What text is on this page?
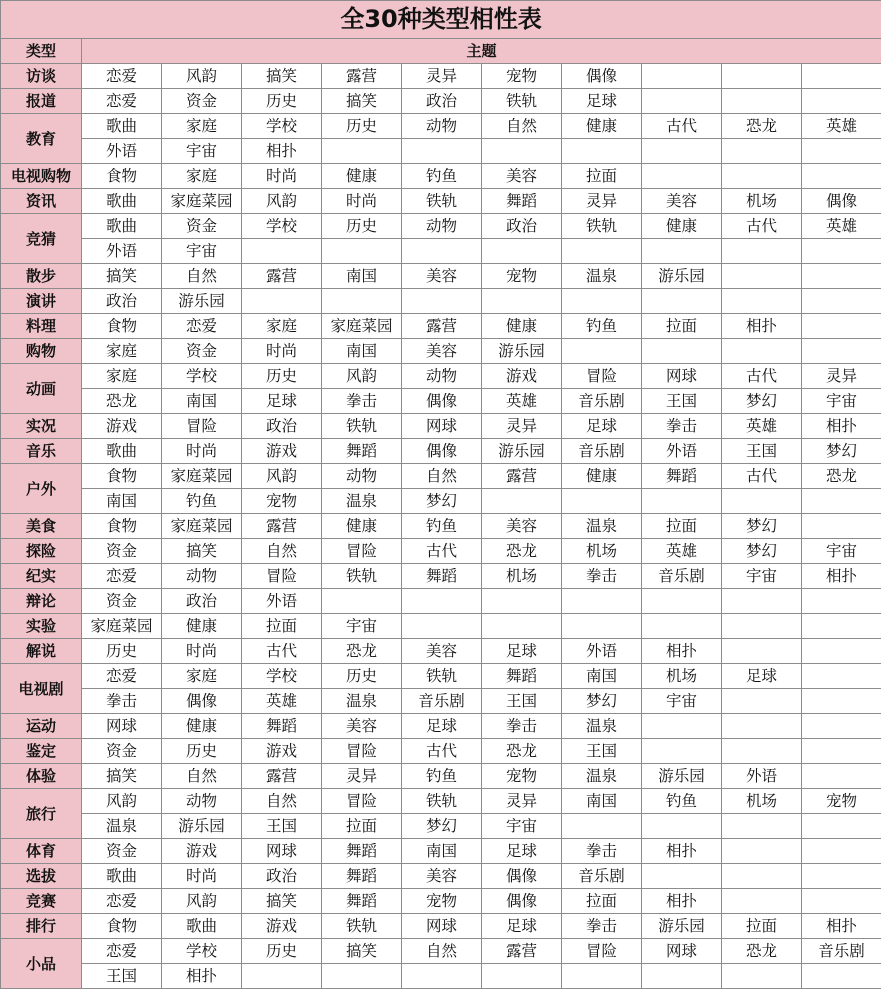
全30种类型相性表										
类型	主题									
访谈	恋爱	风韵	搞笑	露营	灵异	宠物	偶像			
报道	恋爱	资金	历史	搞笑	政治	铁轨	足球			
教育	歌曲	家庭	学校	历史	动物	自然	健康	古代	恐龙	英雄
	外语	宇宙	相扑							
电视购物	食物	家庭	时尚	健康	钓鱼	美容	拉面			
资讯	歌曲	家庭菜园	风韵	时尚	铁轨	舞蹈	灵异	美容	机场	偶像
竞猜	歌曲	资金	学校	历史	动物	政治	铁轨	健康	古代	英雄
	外语	宇宙								
散步	搞笑	自然	露营	南国	美容	宠物	温泉	游乐园		
演讲	政治	游乐园								
料理	食物	恋爱	家庭	家庭菜园	露营	健康	钓鱼	拉面	相扑	
购物	家庭	资金	时尚	南国	美容	游乐园				
动画	家庭	学校	历史	风韵	动物	游戏	冒险	网球	古代	灵异
	恐龙	南国	足球	拳击	偶像	英雄	音乐剧	王国	梦幻	宇宙
实况	游戏	冒险	政治	铁轨	网球	灵异	足球	拳击	英雄	相扑
音乐	歌曲	时尚	游戏	舞蹈	偶像	游乐园	音乐剧	外语	王国	梦幻
户外	食物	家庭菜园	风韵	动物	自然	露营	健康	舞蹈	古代	恐龙
	南国	钓鱼	宠物	温泉	梦幻					
美食	食物	家庭菜园	露营	健康	钓鱼	美容	温泉	拉面	梦幻	
探险	资金	搞笑	自然	冒险	古代	恐龙	机场	英雄	梦幻	宇宙
纪实	恋爱	动物	冒险	铁轨	舞蹈	机场	拳击	音乐剧	宇宙	相扑
辩论	资金	政治	外语							
实验	家庭菜园	健康	拉面	宇宙						
解说	历史	时尚	古代	恐龙	美容	足球	外语	相扑		
电视剧	恋爱	家庭	学校	历史	铁轨	舞蹈	南国	机场	足球	
	拳击	偶像	英雄	温泉	音乐剧	王国	梦幻	宇宙		
运动	网球	健康	舞蹈	美容	足球	拳击	温泉			
鉴定	资金	历史	游戏	冒险	古代	恐龙	王国			
体验	搞笑	自然	露营	灵异	钓鱼	宠物	温泉	游乐园	外语	
旅行	风韵	动物	自然	冒险	铁轨	灵异	南国	钓鱼	机场	宠物
	温泉	游乐园	王国	拉面	梦幻	宇宙				
体育	资金	游戏	网球	舞蹈	南国	足球	拳击	相扑		
选拔	歌曲	时尚	政治	舞蹈	美容	偶像	音乐剧			
竞赛	恋爱	风韵	搞笑	舞蹈	宠物	偶像	拉面	相扑		
排行	食物	歌曲	游戏	铁轨	网球	足球	拳击	游乐园	拉面	相扑
小品	恋爱	学校	历史	搞笑	自然	露营	冒险	网球	恐龙	音乐剧
	王国	相扑								
